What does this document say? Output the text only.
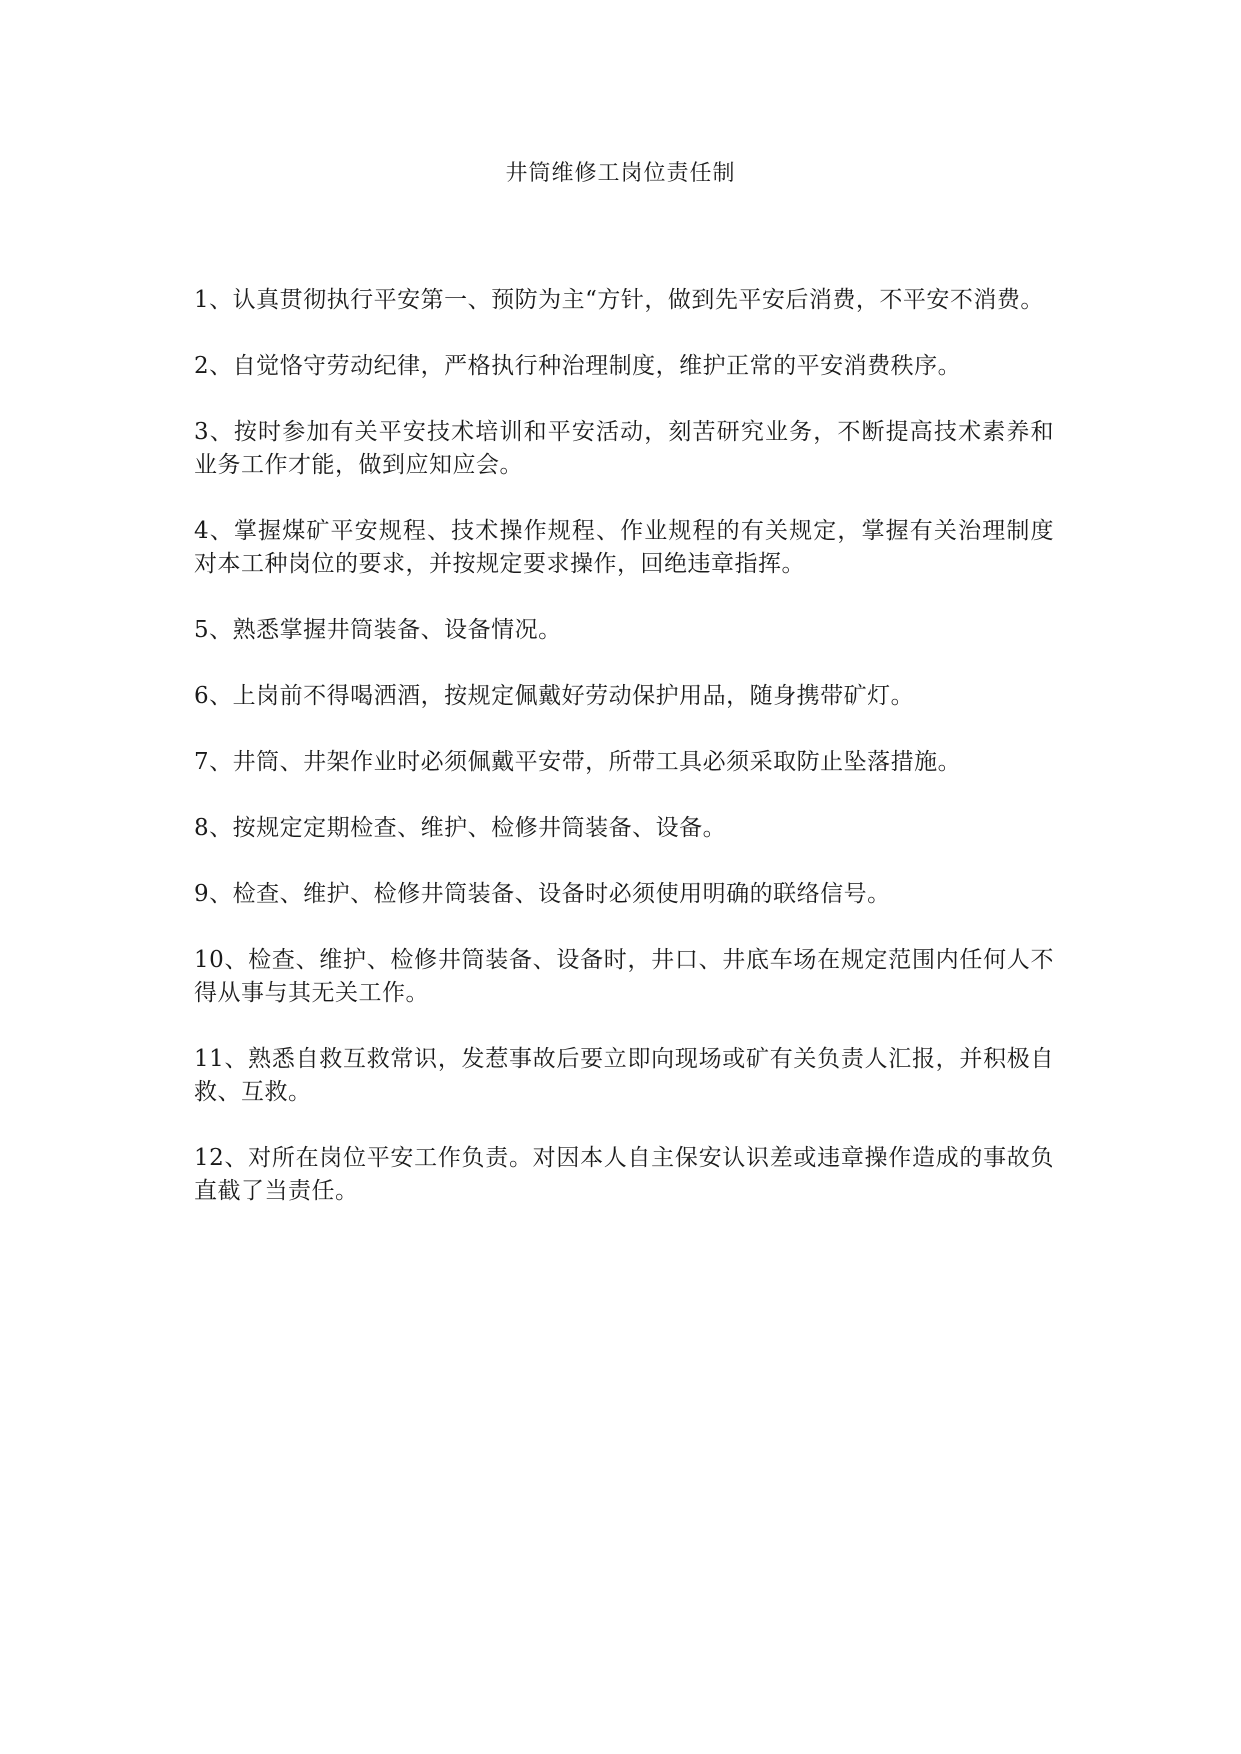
井筒维修工岗位责任制
1、认真贯彻执行平安第一、预防为主“方针，做到先平安后消费，不平安不消费。
2、自觉恪守劳动纪律，严格执行种治理制度，维护正常的平安消费秩序。
3、按时参加有关平安技术培训和平安活动，刻苦研究业务，不断提高技术素养和业务工作才能，做到应知应会。
4、掌握煤矿平安规程、技术操作规程、作业规程的有关规定，掌握有关治理制度对本工种岗位的要求，并按规定要求操作，回绝违章指挥。
5、熟悉掌握井筒装备、设备情况。
6、上岗前不得喝洒酒，按规定佩戴好劳动保护用品，随身携带矿灯。
7、井筒、井架作业时必须佩戴平安带，所带工具必须采取防止坠落措施。
8、按规定定期检查、维护、检修井筒装备、设备。
9、检查、维护、检修井筒装备、设备时必须使用明确的联络信号。
10、检查、维护、检修井筒装备、设备时，井口、井底车场在规定范围内任何人不得从事与其无关工作。
11、熟悉自救互救常识，发惹事故后要立即向现场或矿有关负责人汇报，并积极自救、互救。
12、对所在岗位平安工作负责。对因本人自主保安认识差或违章操作造成的事故负直截了当责任。
